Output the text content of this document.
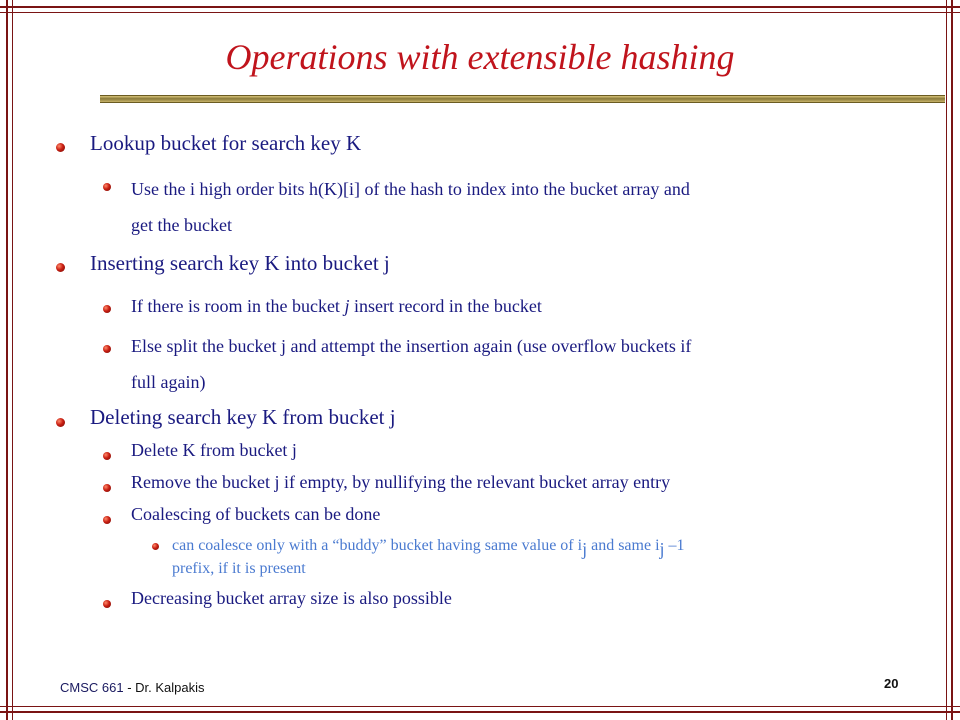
Operations with extensible hashing
Lookup bucket for search key K
Use the i high order bits h(K)[i] of the hash to index into the bucket array and
get the bucket
Inserting search key K into bucket j
If there is room in the bucket j insert record in the bucket
Else split the bucket j and attempt the insertion again (use overflow buckets if
full again)
Deleting search key K from bucket j
Delete K from bucket j
Remove the bucket j if empty, by nullifying the relevant bucket array entry
Coalescing of buckets can be done
can coalesce only with a “buddy” bucket having same value of $i_j$ and same $i_j$ –1
prefix, if it is present
Decreasing bucket array size is also possible
CMSC 661 - Dr. Kalpakis	20
